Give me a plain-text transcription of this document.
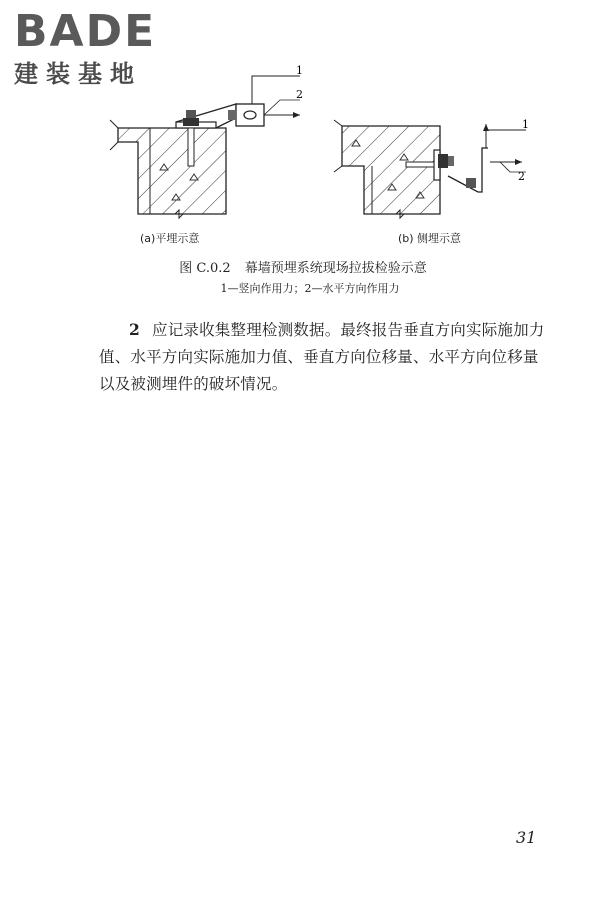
BADE
建装基地	1
2
1
2
(a)平埋示意	(b) 侧埋示意
图 C.0.2 幕墙预埋系统现场拉拔检验示意
1—竖向作用力；2—水平方向作用力
2 应记录收集整理检测数据。最终报告垂直方向实际施加力值、水平方向实际施加力值、垂直方向位移量、水平方向位移量以及被测埋件的破坏情况。
31
